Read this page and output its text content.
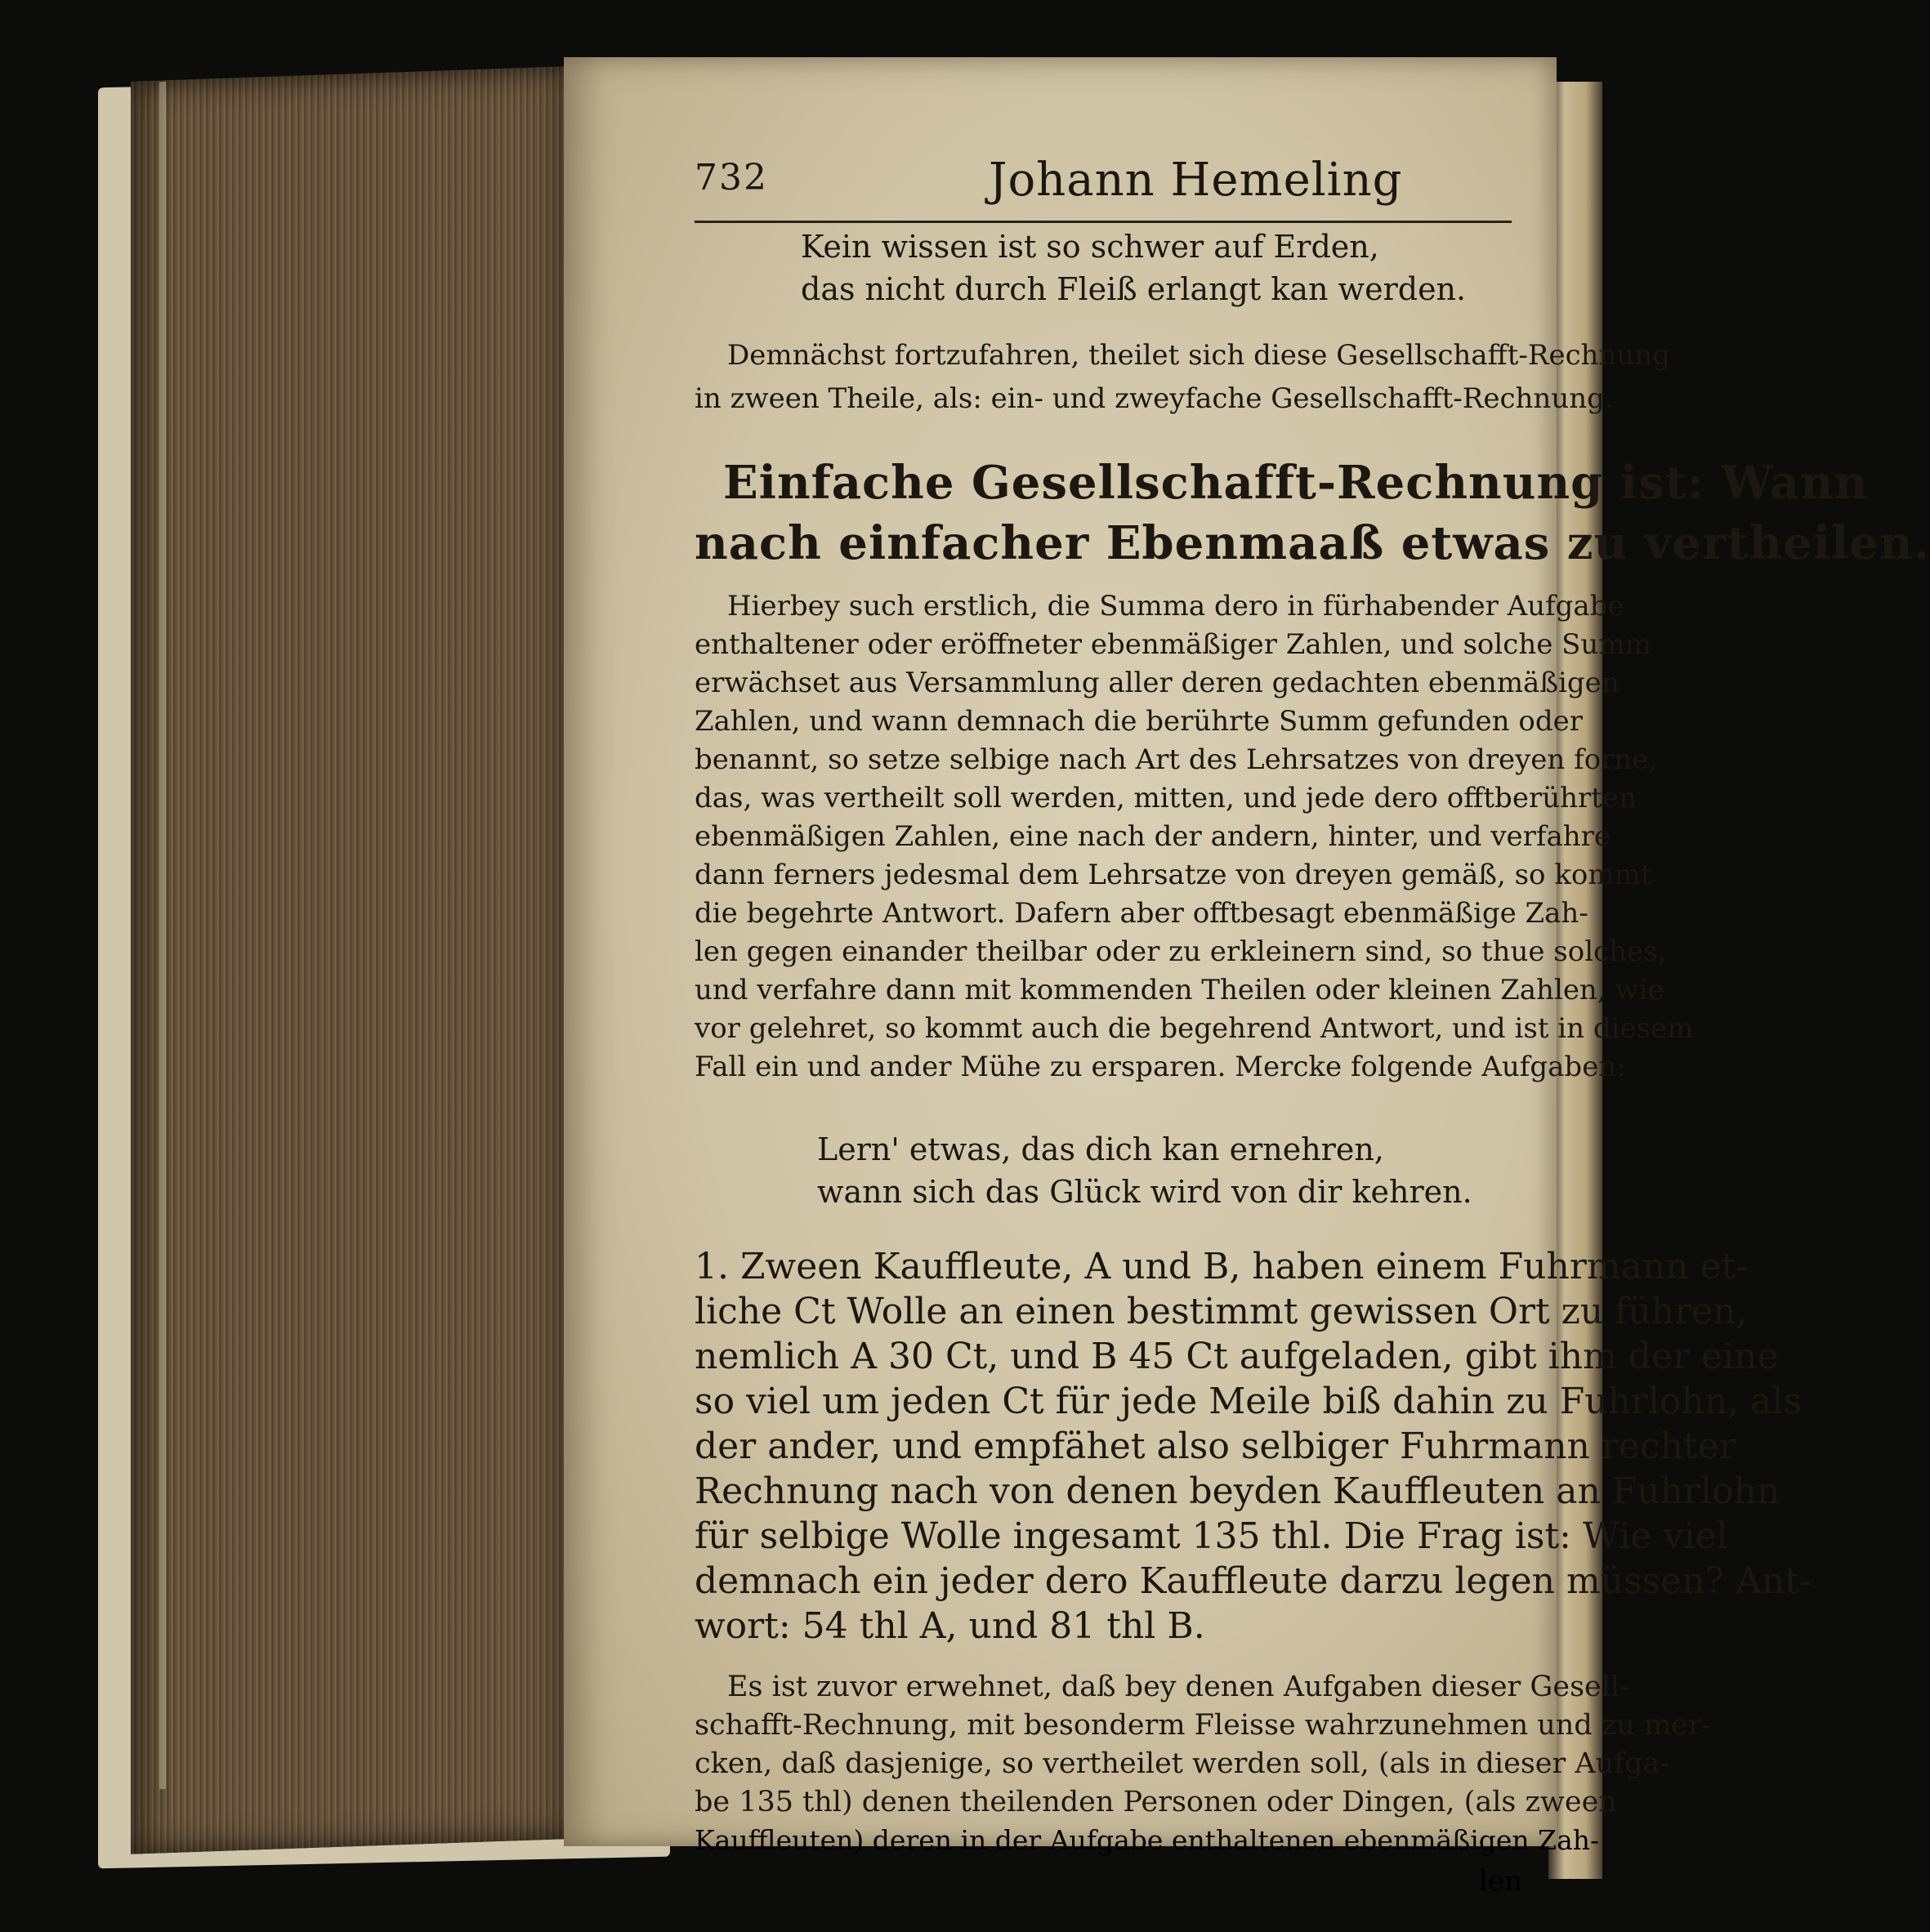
732	Johann Hemeling
Kein wissen ist so schwer auf Erden,
das nicht durch Fleiß erlangt kan werden.
Demnächst fortzufahren, theilet sich diese Gesellschafft-Rechnung
in zween Theile, als: ein- und zweyfache Gesellschafft-Rechnung.
Einfache Gesellschafft-Rechnung ist: Wann
nach einfacher Ebenmaaß etwas zu vertheilen.
Hierbey such erstlich, die Summa dero in fürhabender Aufgabe
enthaltener oder eröffneter ebenmäßiger Zahlen, und solche Summ
erwächset aus Versammlung aller deren gedachten ebenmäßigen
Zahlen, und wann demnach die berührte Summ gefunden oder
benannt, so setze selbige nach Art des Lehrsatzes von dreyen forne,
das, was vertheilt soll werden, mitten, und jede dero offtberührten
ebenmäßigen Zahlen, eine nach der andern, hinter, und verfahre
dann ferners jedesmal dem Lehrsatze von dreyen gemäß, so kommt
die begehrte Antwort. Dafern aber offtbesagt ebenmäßige Zah-
len gegen einander theilbar oder zu erkleinern sind, so thue solches,
und verfahre dann mit kommenden Theilen oder kleinen Zahlen, wie
vor gelehret, so kommt auch die begehrend Antwort, und ist in diesem
Fall ein und ander Mühe zu ersparen. Mercke folgende Aufgaben:
Lern' etwas, das dich kan ernehren,
wann sich das Glück wird von dir kehren.
1. Zween Kauffleute, A und B, haben einem Fuhrmann et-
liche Ct Wolle an einen bestimmt gewissen Ort zu führen,
nemlich A 30 Ct, und B 45 Ct aufgeladen, gibt ihm der eine
so viel um jeden Ct für jede Meile biß dahin zu Fuhrlohn, als
der ander, und empfähet also selbiger Fuhrmann rechter
Rechnung nach von denen beyden Kauffleuten an Fuhrlohn
für selbige Wolle ingesamt 135 thl. Die Frag ist: Wie viel
demnach ein jeder dero Kauffleute darzu legen müssen? Ant-
wort: 54 thl A, und 81 thl B.
Es ist zuvor erwehnet, daß bey denen Aufgaben dieser Gesell-
schafft-Rechnung, mit besonderm Fleisse wahrzunehmen und zu mer-
cken, daß dasjenige, so vertheilet werden soll, (als in dieser Aufga-
be 135 thl) denen theilenden Personen oder Dingen, (als zween
Kauffleuten) deren in der Aufgabe enthaltenen ebenmäßigen Zah-
len
